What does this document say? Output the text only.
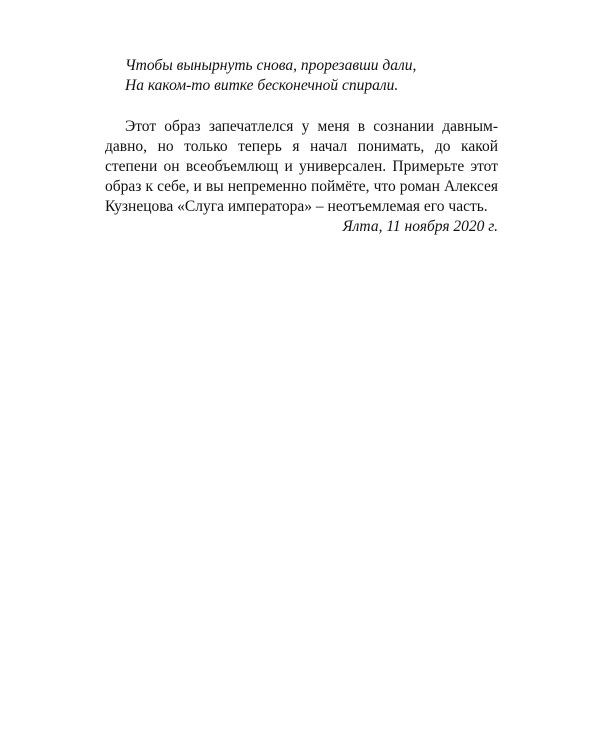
Чтобы вынырнуть снова, прорезавши дали,
На каком-то витке бесконечной спирали.

Этот образ запечатлелся у меня в сознании давным-давно, но только теперь я начал понимать, до какой степени он всеобъемлющ и универсален. Примерьте этот образ к себе, и вы непременно поймёте, что роман Алексея Кузнецова «Слуга императора» – неотъемлемая его часть.

Ялта, 11 ноября 2020 г.
